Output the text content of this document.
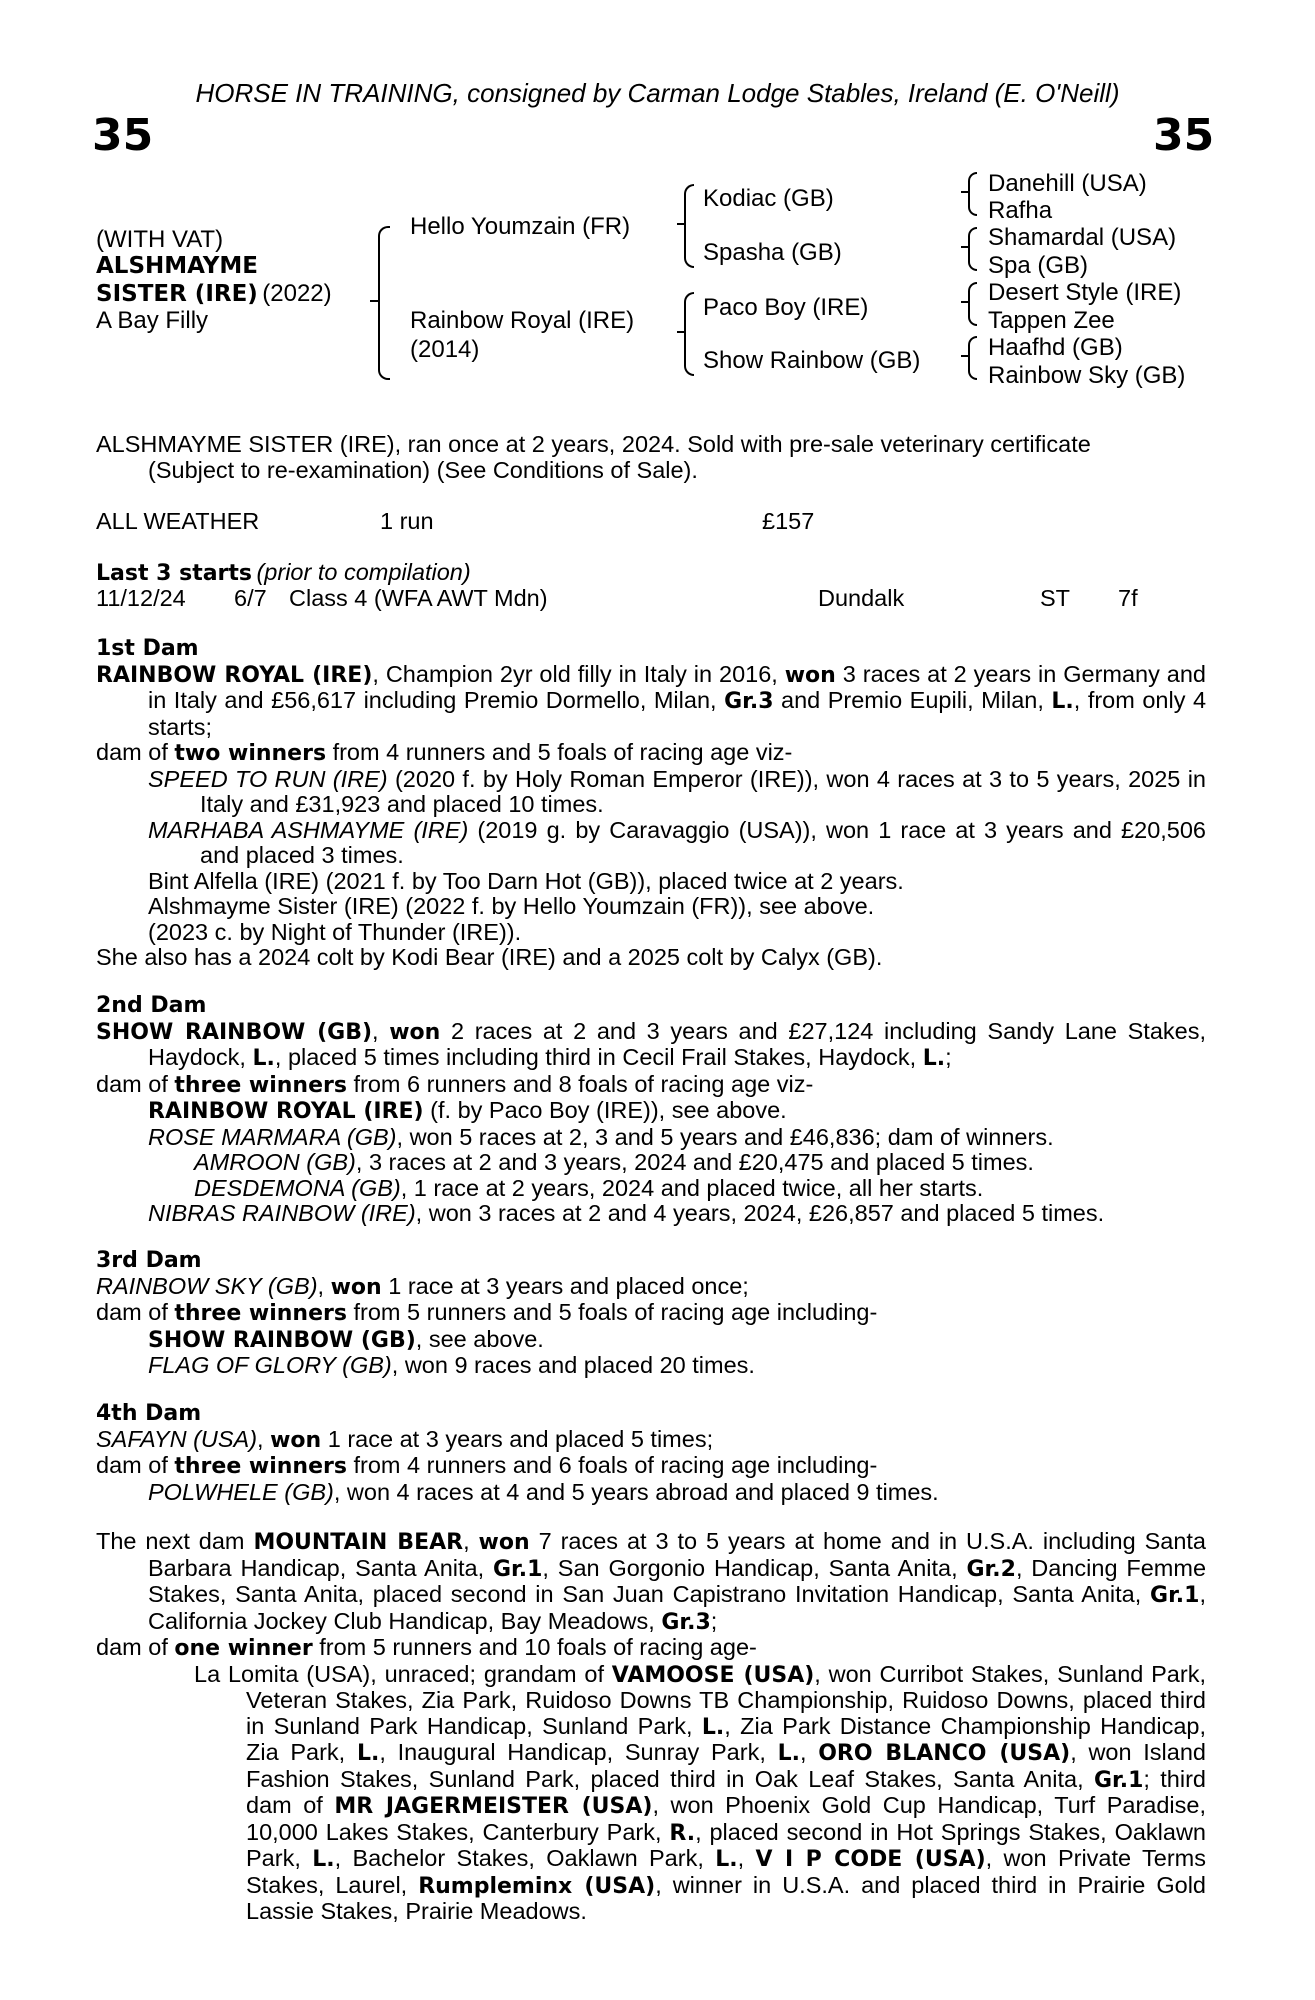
HORSE IN TRAINING, consigned by Carman Lodge Stables, Ireland (E. O'Neill)
35	35
(WITH VAT)
ALSHMAYME
SISTER (IRE) (2022)
A Bay Filly
Hello Youmzain (FR)
Rainbow Royal (IRE)
(2014)
Kodiac (GB)
Spasha (GB)
Paco Boy (IRE)
Show Rainbow (GB)
Danehill (USA)
Rafha
Shamardal (USA)
Spa (GB)
Desert Style (IRE)
Tappen Zee
Haafhd (GB)
Rainbow Sky (GB)
ALSHMAYME SISTER (IRE), ran once at 2 years, 2024. Sold with pre-sale veterinary certificate
(Subject to re-examination) (See Conditions of Sale).
ALL WEATHER	1 run	£157
Last 3 starts (prior to compilation)
11/12/24 6/7 Class 4 (WFA AWT Mdn)	Dundalk	ST 7f
1st Dam
RAINBOW ROYAL (IRE), Champion 2yr old filly in Italy in 2016, won 3 races at 2 years in Germany and in Italy and £56,617 including Premio Dormello, Milan, Gr.3 and Premio Eupili, Milan, L., from only 4 starts;
dam of two winners from 4 runners and 5 foals of racing age viz-
SPEED TO RUN (IRE) (2020 f. by Holy Roman Emperor (IRE)), won 4 races at 3 to 5 years, 2025 in Italy and £31,923 and placed 10 times.
MARHABA ASHMAYME (IRE) (2019 g. by Caravaggio (USA)), won 1 race at 3 years and £20,506 and placed 3 times.
Bint Alfella (IRE) (2021 f. by Too Darn Hot (GB)), placed twice at 2 years.
Alshmayme Sister (IRE) (2022 f. by Hello Youmzain (FR)), see above.
(2023 c. by Night of Thunder (IRE)).
She also has a 2024 colt by Kodi Bear (IRE) and a 2025 colt by Calyx (GB).
2nd Dam
SHOW RAINBOW (GB), won 2 races at 2 and 3 years and £27,124 including Sandy Lane Stakes, Haydock, L., placed 5 times including third in Cecil Frail Stakes, Haydock, L.;
dam of three winners from 6 runners and 8 foals of racing age viz-
RAINBOW ROYAL (IRE) (f. by Paco Boy (IRE)), see above.
ROSE MARMARA (GB), won 5 races at 2, 3 and 5 years and £46,836; dam of winners.
AMROON (GB), 3 races at 2 and 3 years, 2024 and £20,475 and placed 5 times.
DESDEMONA (GB), 1 race at 2 years, 2024 and placed twice, all her starts.
NIBRAS RAINBOW (IRE), won 3 races at 2 and 4 years, 2024, £26,857 and placed 5 times.
3rd Dam
RAINBOW SKY (GB), won 1 race at 3 years and placed once;
dam of three winners from 5 runners and 5 foals of racing age including-
SHOW RAINBOW (GB), see above.
FLAG OF GLORY (GB), won 9 races and placed 20 times.
4th Dam
SAFAYN (USA), won 1 race at 3 years and placed 5 times;
dam of three winners from 4 runners and 6 foals of racing age including-
POLWHELE (GB), won 4 races at 4 and 5 years abroad and placed 9 times.
The next dam MOUNTAIN BEAR, won 7 races at 3 to 5 years at home and in U.S.A. including Santa Barbara Handicap, Santa Anita, Gr.1, San Gorgonio Handicap, Santa Anita, Gr.2, Dancing Femme Stakes, Santa Anita, placed second in San Juan Capistrano Invitation Handicap, Santa Anita, Gr.1, California Jockey Club Handicap, Bay Meadows, Gr.3;
dam of one winner from 5 runners and 10 foals of racing age-
La Lomita (USA), unraced; grandam of VAMOOSE (USA), won Curribot Stakes, Sunland Park, Veteran Stakes, Zia Park, Ruidoso Downs TB Championship, Ruidoso Downs, placed third in Sunland Park Handicap, Sunland Park, L., Zia Park Distance Championship Handicap, Zia Park, L., Inaugural Handicap, Sunray Park, L., ORO BLANCO (USA), won Island Fashion Stakes, Sunland Park, placed third in Oak Leaf Stakes, Santa Anita, Gr.1; third dam of MR JAGERMEISTER (USA), won Phoenix Gold Cup Handicap, Turf Paradise, 10,000 Lakes Stakes, Canterbury Park, R., placed second in Hot Springs Stakes, Oaklawn Park, L., Bachelor Stakes, Oaklawn Park, L., V I P CODE (USA), won Private Terms Stakes, Laurel, Rumpleminx (USA), winner in U.S.A. and placed third in Prairie Gold Lassie Stakes, Prairie Meadows.
